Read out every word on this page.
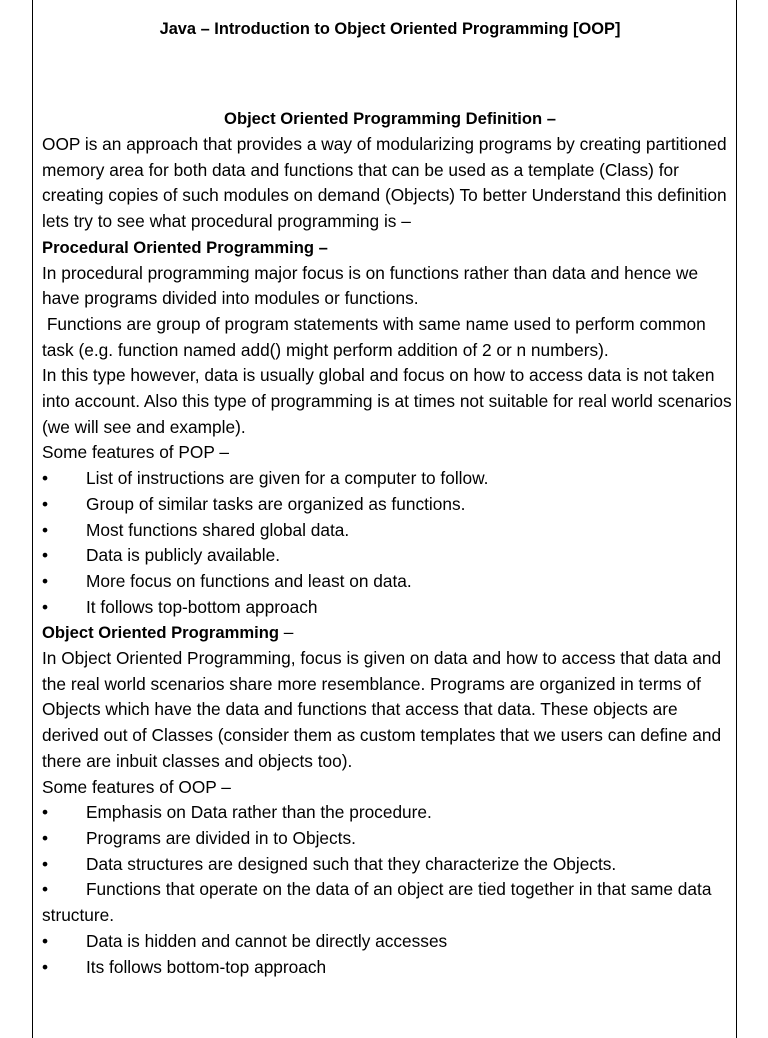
Java – Introduction to Object Oriented Programming [OOP]

Object Oriented Programming Definition –

OOP is an approach that provides a way of modularizing programs by creating partitioned memory area for both data and functions that can be used as a template (Class) for creating copies of such modules on demand (Objects) To better Understand this definition lets try to see what procedural programming is –

Procedural Oriented Programming –

In procedural programming major focus is on functions rather than data and hence we have programs divided into modules or functions.

Functions are group of program statements with same name used to perform common task (e.g. function named add() might perform addition of 2 or n numbers).

In this type however, data is usually global and focus on how to access data is not taken into account. Also this type of programming is at times not suitable for real world scenarios (we will see and example).

Some features of POP –

• List of instructions are given for a computer to follow.
• Group of similar tasks are organized as functions.
• Most functions shared global data.
• Data is publicly available.
• More focus on functions and least on data.
• It follows top-bottom approach

Object Oriented Programming –

In Object Oriented Programming, focus is given on data and how to access that data and the real world scenarios share more resemblance. Programs are organized in terms of Objects which have the data and functions that access that data. These objects are derived out of Classes (consider them as custom templates that we users can define and there are inbuit classes and objects too).

Some features of OOP –

• Emphasis on Data rather than the procedure.
• Programs are divided in to Objects.
• Data structures are designed such that they characterize the Objects.
• Functions that operate on the data of an object are tied together in that same data structure.
• Data is hidden and cannot be directly accesses
• Its follows bottom-top approach
